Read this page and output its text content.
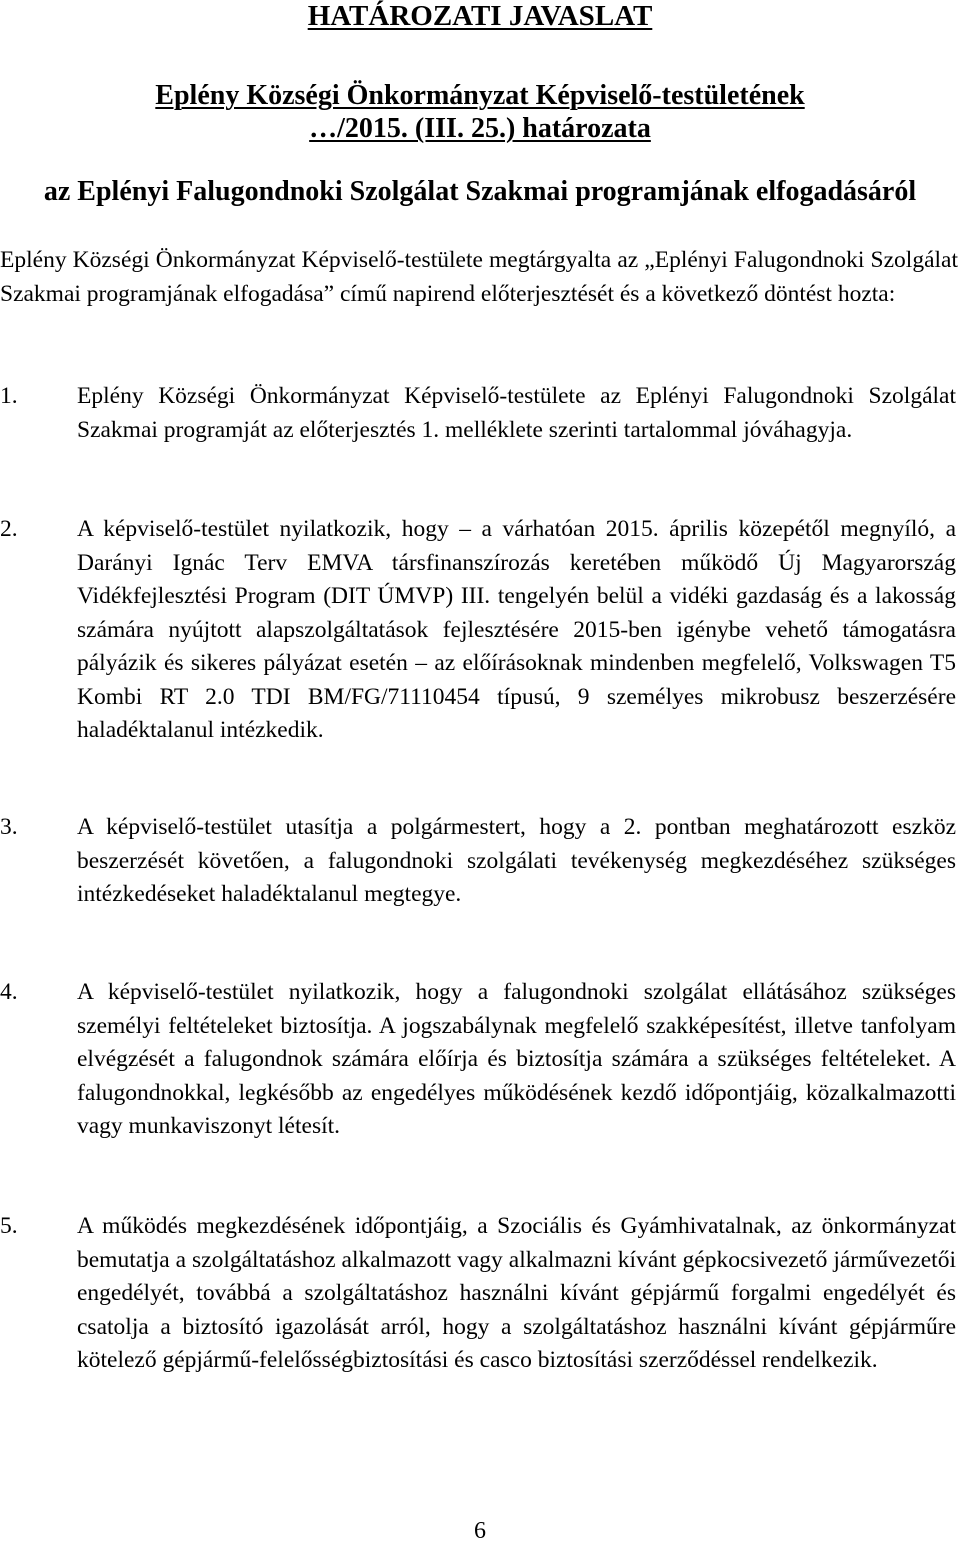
HATÁROZATI JAVASLAT
Eplény Községi Önkormányzat Képviselő-testületének
…/2015. (III. 25.) határozata
az Eplényi Falugondnoki Szolgálat Szakmai programjának elfogadásáról

Eplény Községi Önkormányzat Képviselő-testülete megtárgyalta az „Eplényi Falugondnoki Szolgálat Szakmai programjának elfogadása” című napirend előterjesztését és a következő döntést hozta:

1.	Eplény Községi Önkormányzat Képviselő-testülete az Eplényi Falugondnoki Szolgálat Szakmai programját az előterjesztés 1. melléklete szerinti tartalommal jóváhagyja.

2.	A képviselő-testület nyilatkozik, hogy – a várhatóan 2015. április közepétől megnyíló, a Darányi Ignác Terv EMVA társfinanszírozás keretében működő Új Magyarország Vidékfejlesztési Program (DIT ÚMVP) III. tengelyén belül a vidéki gazdaság és a lakosság számára nyújtott alapszolgáltatások fejlesztésére 2015-ben igénybe vehető támogatásra pályázik és sikeres pályázat esetén – az előírásoknak mindenben megfelelő, Volkswagen T5 Kombi RT 2.0 TDI BM/FG/71110454 típusú, 9 személyes mikrobusz beszerzésére haladéktalanul intézkedik.

3.	A képviselő-testület utasítja a polgármestert, hogy a 2. pontban meghatározott eszköz beszerzését követően, a falugondnoki szolgálati tevékenység megkezdéséhez szükséges intézkedéseket haladéktalanul megtegye.

4.	A képviselő-testület nyilatkozik, hogy a falugondnoki szolgálat ellátásához szükséges személyi feltételeket biztosítja. A jogszabálynak megfelelő szakképesítést, illetve tanfolyam elvégzését a falugondnok számára előírja és biztosítja számára a szükséges feltételeket. A falugondnokkal, legkésőbb az engedélyes működésének kezdő időpontjáig, közalkalmazotti vagy munkaviszonyt létesít.

5.	A működés megkezdésének időpontjáig, a Szociális és Gyámhivatalnak, az önkormányzat bemutatja a szolgáltatáshoz alkalmazott vagy alkalmazni kívánt gépkocsivezető járművezetői engedélyét, továbbá a szolgáltatáshoz használni kívánt gépjármű forgalmi engedélyét és csatolja a biztosító igazolását arról, hogy a szolgáltatáshoz használni kívánt gépjárműre kötelező gépjármű-felelősségbiztosítási és casco biztosítási szerződéssel rendelkezik.

6
